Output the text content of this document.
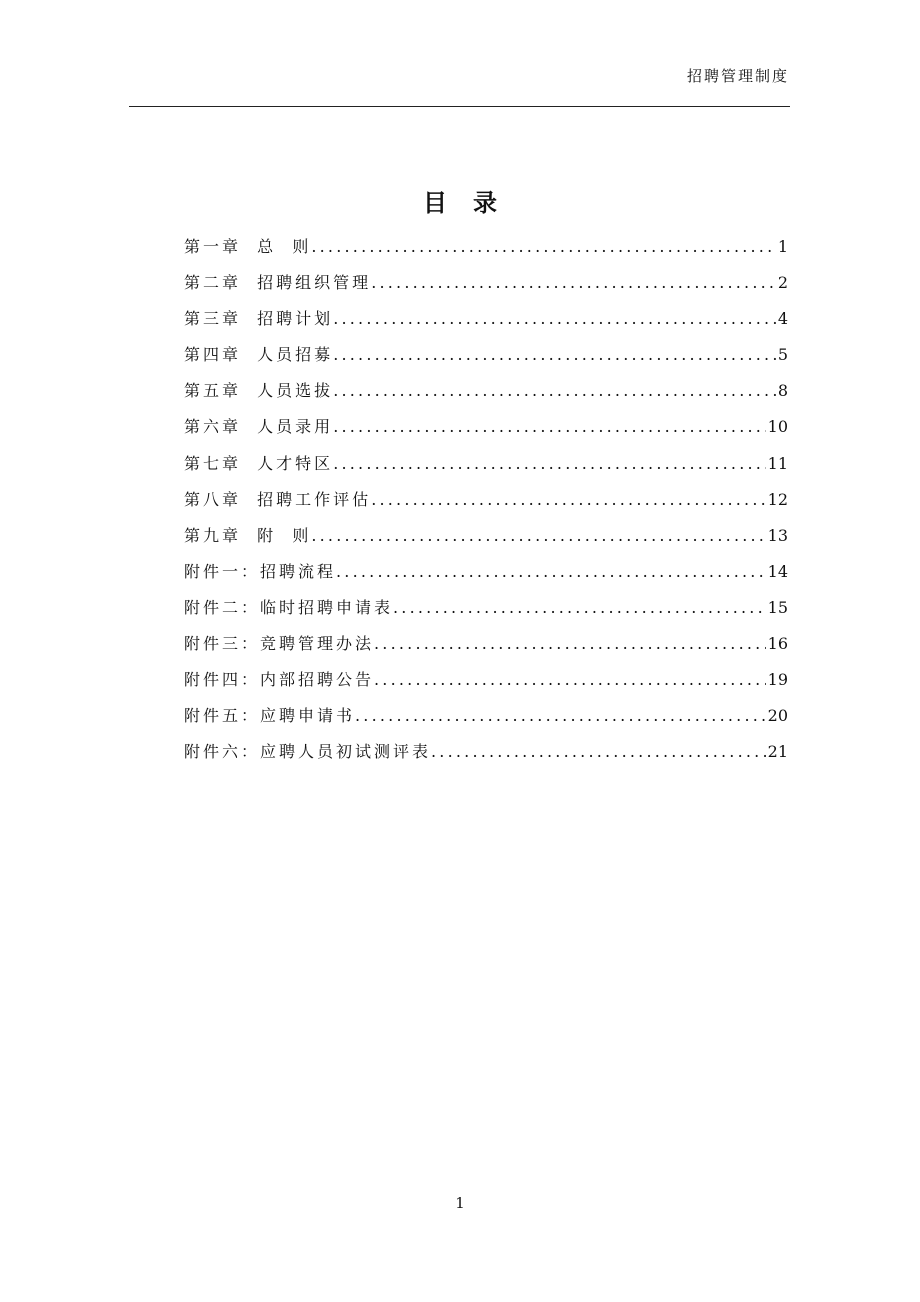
招聘管理制度
目 录
第一章  总  则 .....	1
第二章  招聘组织管理 .....	2
第三章  招聘计划 .....	4
第四章  人员招募 .....	5
第五章  人员选拔 .....	8
第六章  人员录用 .....	10
第七章  人才特区 .....	11
第八章  招聘工作评估 .....	12
第九章  附  则 .....	13
附件一：招聘流程 .....	14
附件二：临时招聘申请表 .....	15
附件三：竞聘管理办法 .....	16
附件四：内部招聘公告 .....	19
附件五：应聘申请书 .....	20
附件六：应聘人员初试测评表 .....	21
1
